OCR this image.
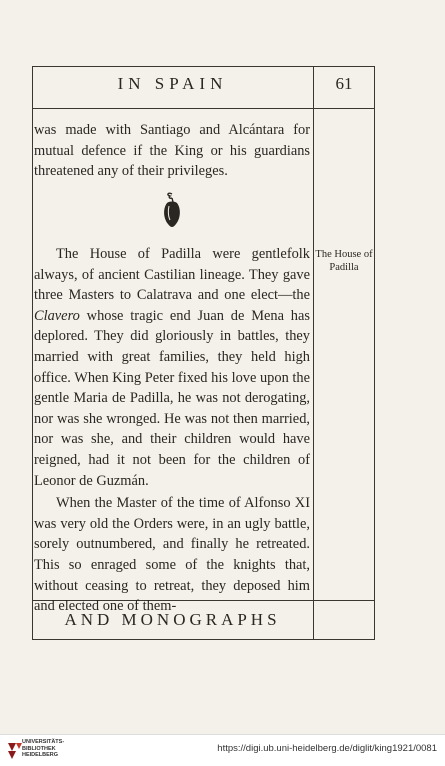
IN SPAIN	61

was made with Santiago and Alcántara for mutual defence if the King or his guardians threatened any of their privileges.

The House of Padilla were gentlefolk always, of ancient Castilian lineage. They gave three Masters to Calatrava and one elect—the Clavero whose tragic end Juan de Mena has deplored. They did gloriously in battles, they married with great families, they held high office. When King Peter fixed his love upon the gentle Maria de Padilla, he was not derogating, nor was she wronged. He was not then married, nor was she, and their children would have reigned, had it not been for the children of Leonor de Guzmán.

When the Master of the time of Alfonso XI was very old the Orders were, in an ugly battle, sorely outnumbered, and finally he retreated. This so enraged some of the knights that, without ceasing to retreat, they deposed him and elected one of them-

The House of Padilla
AND MONOGRAPHS
UNIVERSITÄTS-
BIBLIOTHEK
HEIDELBERG
https://digi.ub.uni-heidelberg.de/diglit/king1921/0081
